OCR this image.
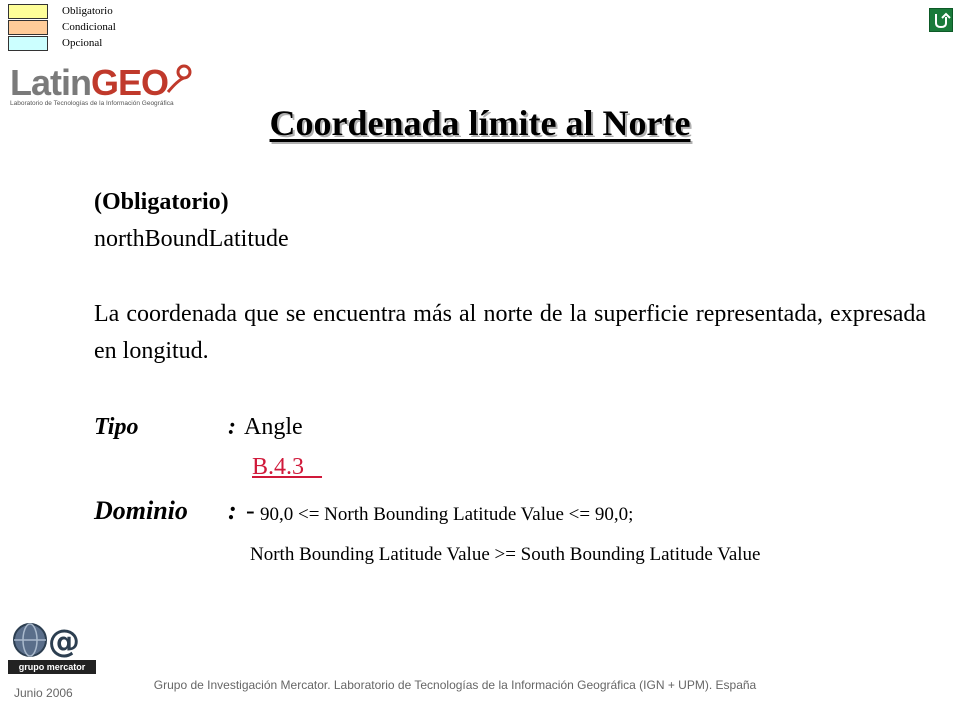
Obligatorio
Condicional
Opcional
LatinGEO
Laboratorio de Tecnologías de la Información Geográfica	Coordenada límite al Norte
(Obligatorio)
northBoundLatitude
La coordenada que se encuentra más al norte de la superficie representada, expresada en longitud.
Tipo	: Angle
B.4.3
Dominio : - 90,0 <= North Bounding Latitude Value <= 90,0;
North Bounding Latitude Value >= South Bounding Latitude Value
@
grupo mercator
Junio 2006
Grupo de Investigación Mercator. Laboratorio de Tecnologías de la Información Geográfica (IGN + UPM). España
